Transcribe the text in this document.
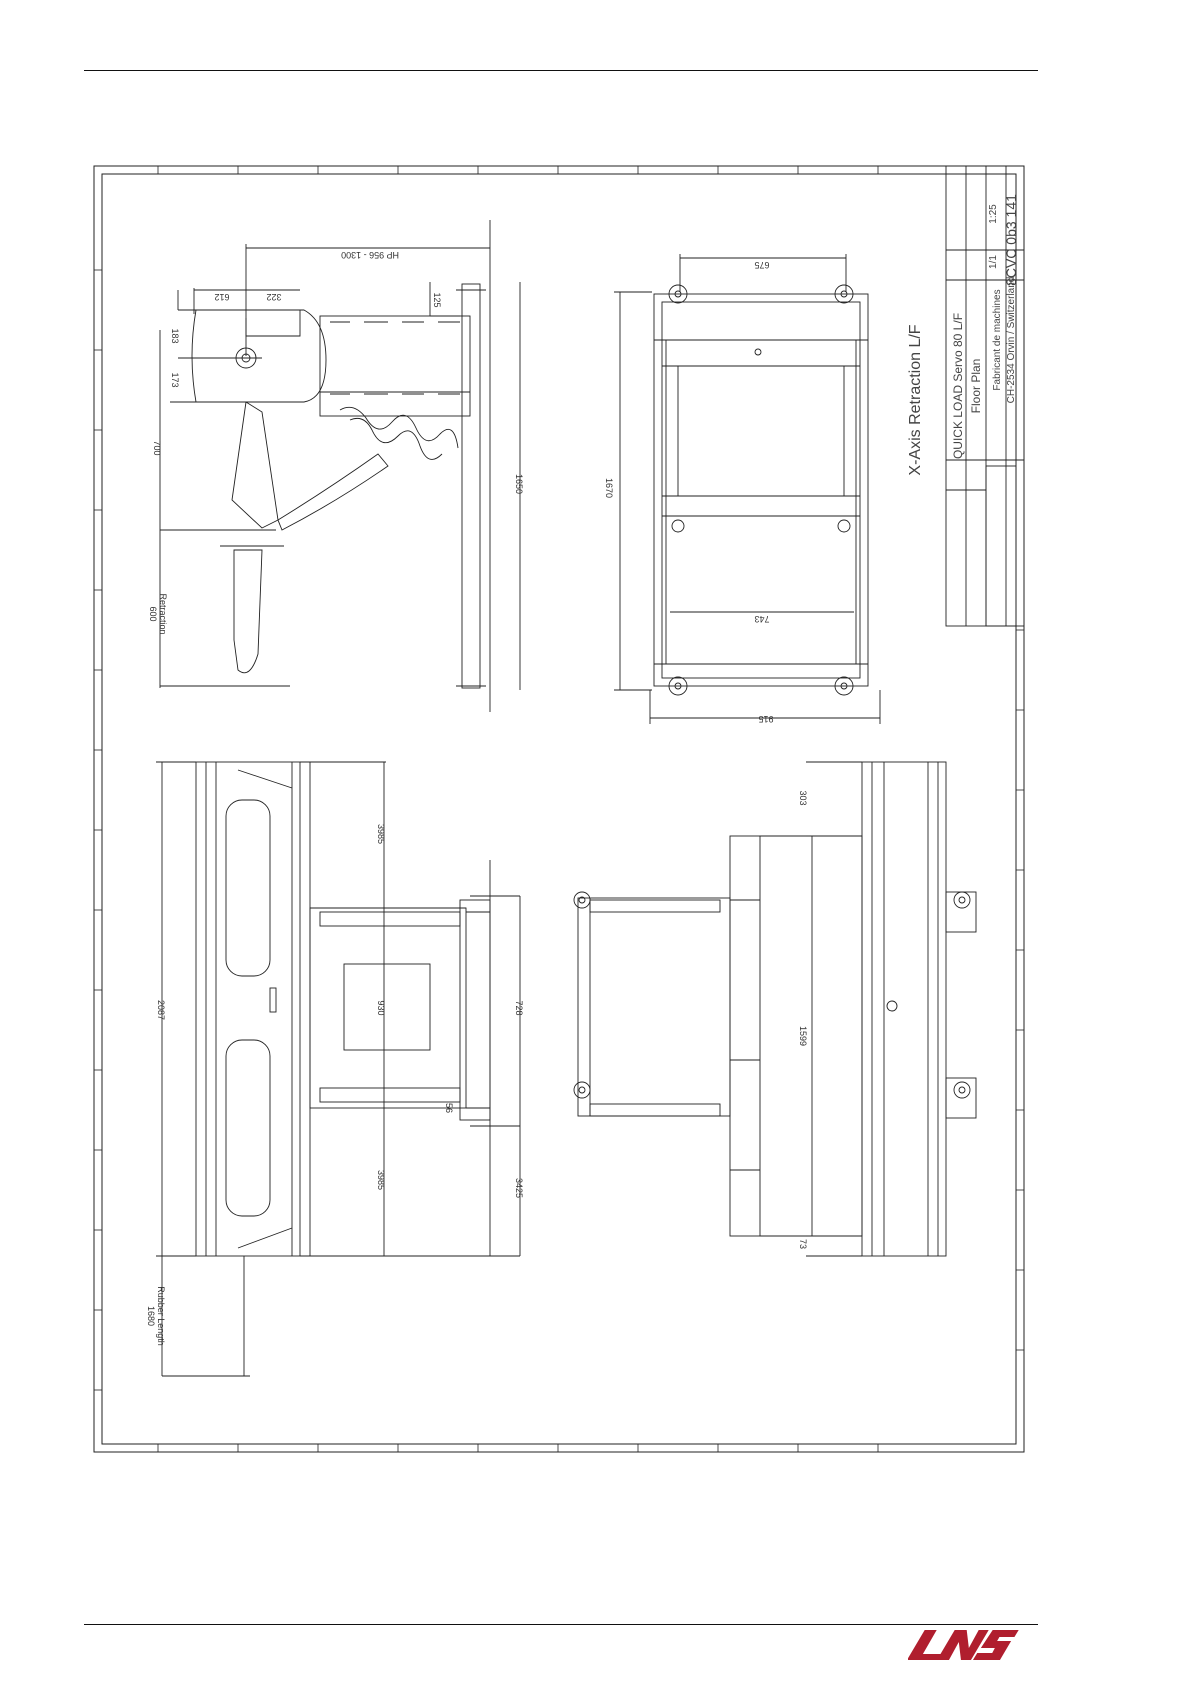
HP 956 - 1300
612	322	125
183
173
700
600 Retraction
1650
675
1670
743
915
2087
3985
3985
930	728
56
3425
1680 Rubber Length
303
1599
73
X-Axis Retraction L/F QUICK LOAD Servo 80 L/F Floor Plan Fabricant de machines CH-2534 Orvin / Switzerland
8CVC 0b3 141
1/1
1:25
